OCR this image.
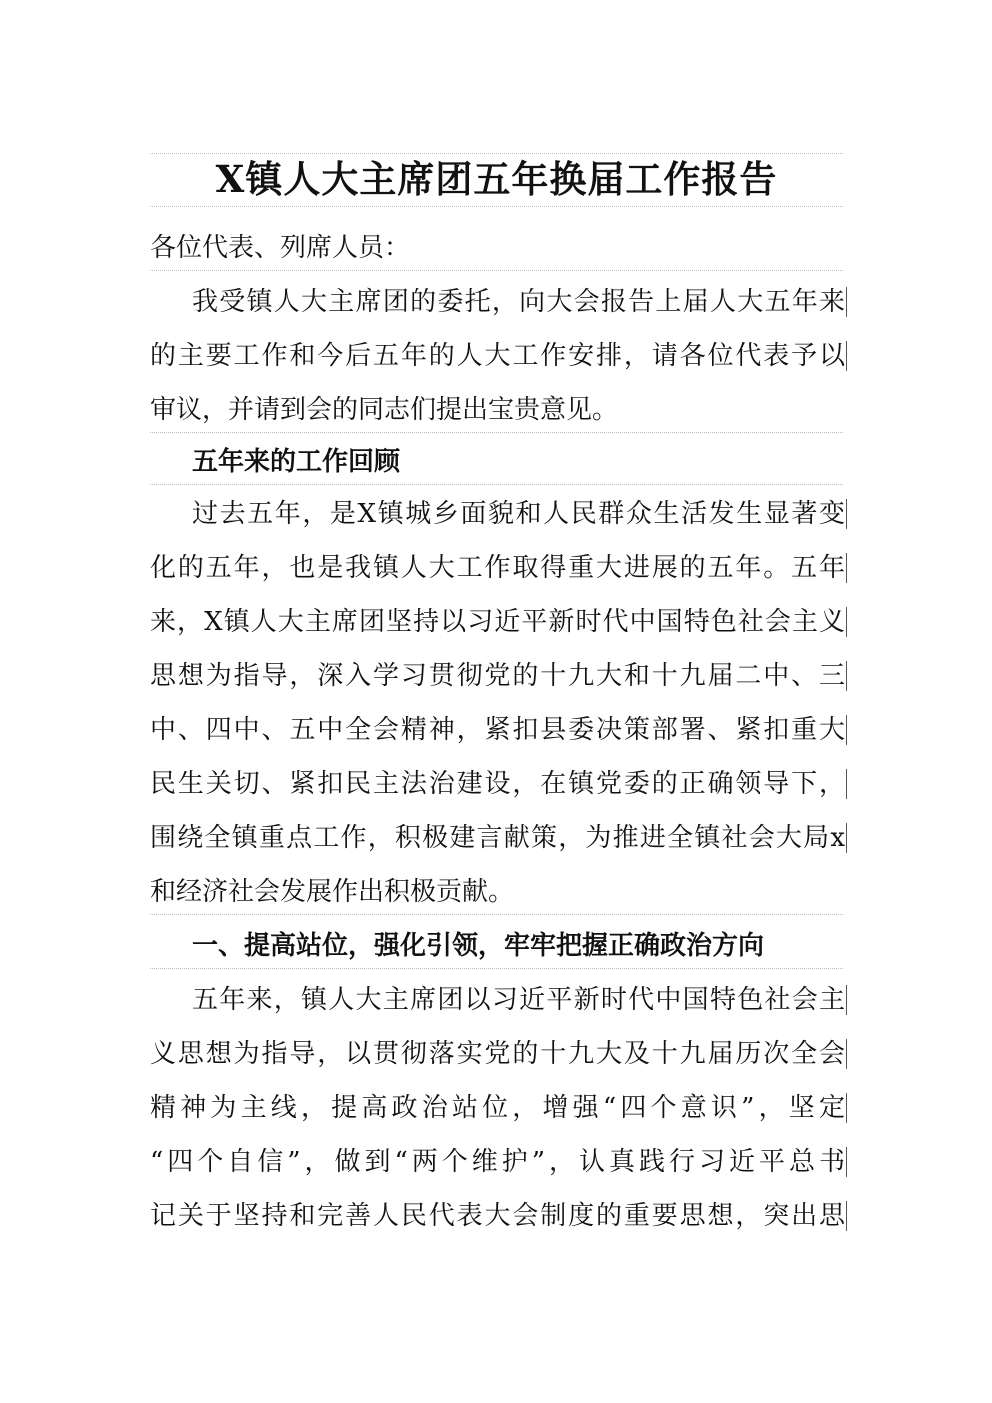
X镇人大主席团五年换届工作报告
各位代表、列席人员：
我受镇人大主席团的委托，向大会报告上届人大五年来
的主要工作和今后五年的人大工作安排，请各位代表予以
审议，并请到会的同志们提出宝贵意见。
五年来的工作回顾
过去五年，是X镇城乡面貌和人民群众生活发生显著变
化的五年，也是我镇人大工作取得重大进展的五年。五年
来，X镇人大主席团坚持以习近平新时代中国特色社会主义
思想为指导，深入学习贯彻党的十九大和十九届二中、三
中、四中、五中全会精神，紧扣县委决策部署、紧扣重大
民生关切、紧扣民主法治建设，在镇党委的正确领导下，
围绕全镇重点工作，积极建言献策，为推进全镇社会大局x
和经济社会发展作出积极贡献。
一、提高站位，强化引领，牢牢把握正确政治方向
五年来，镇人大主席团以习近平新时代中国特色社会主
义思想为指导，以贯彻落实党的十九大及十九届历次全会
精神为主线，提高政治站位，增强“四个意识”，坚定
“四个自信”，做到“两个维护”，认真践行习近平总书
记关于坚持和完善人民代表大会制度的重要思想，突出思
